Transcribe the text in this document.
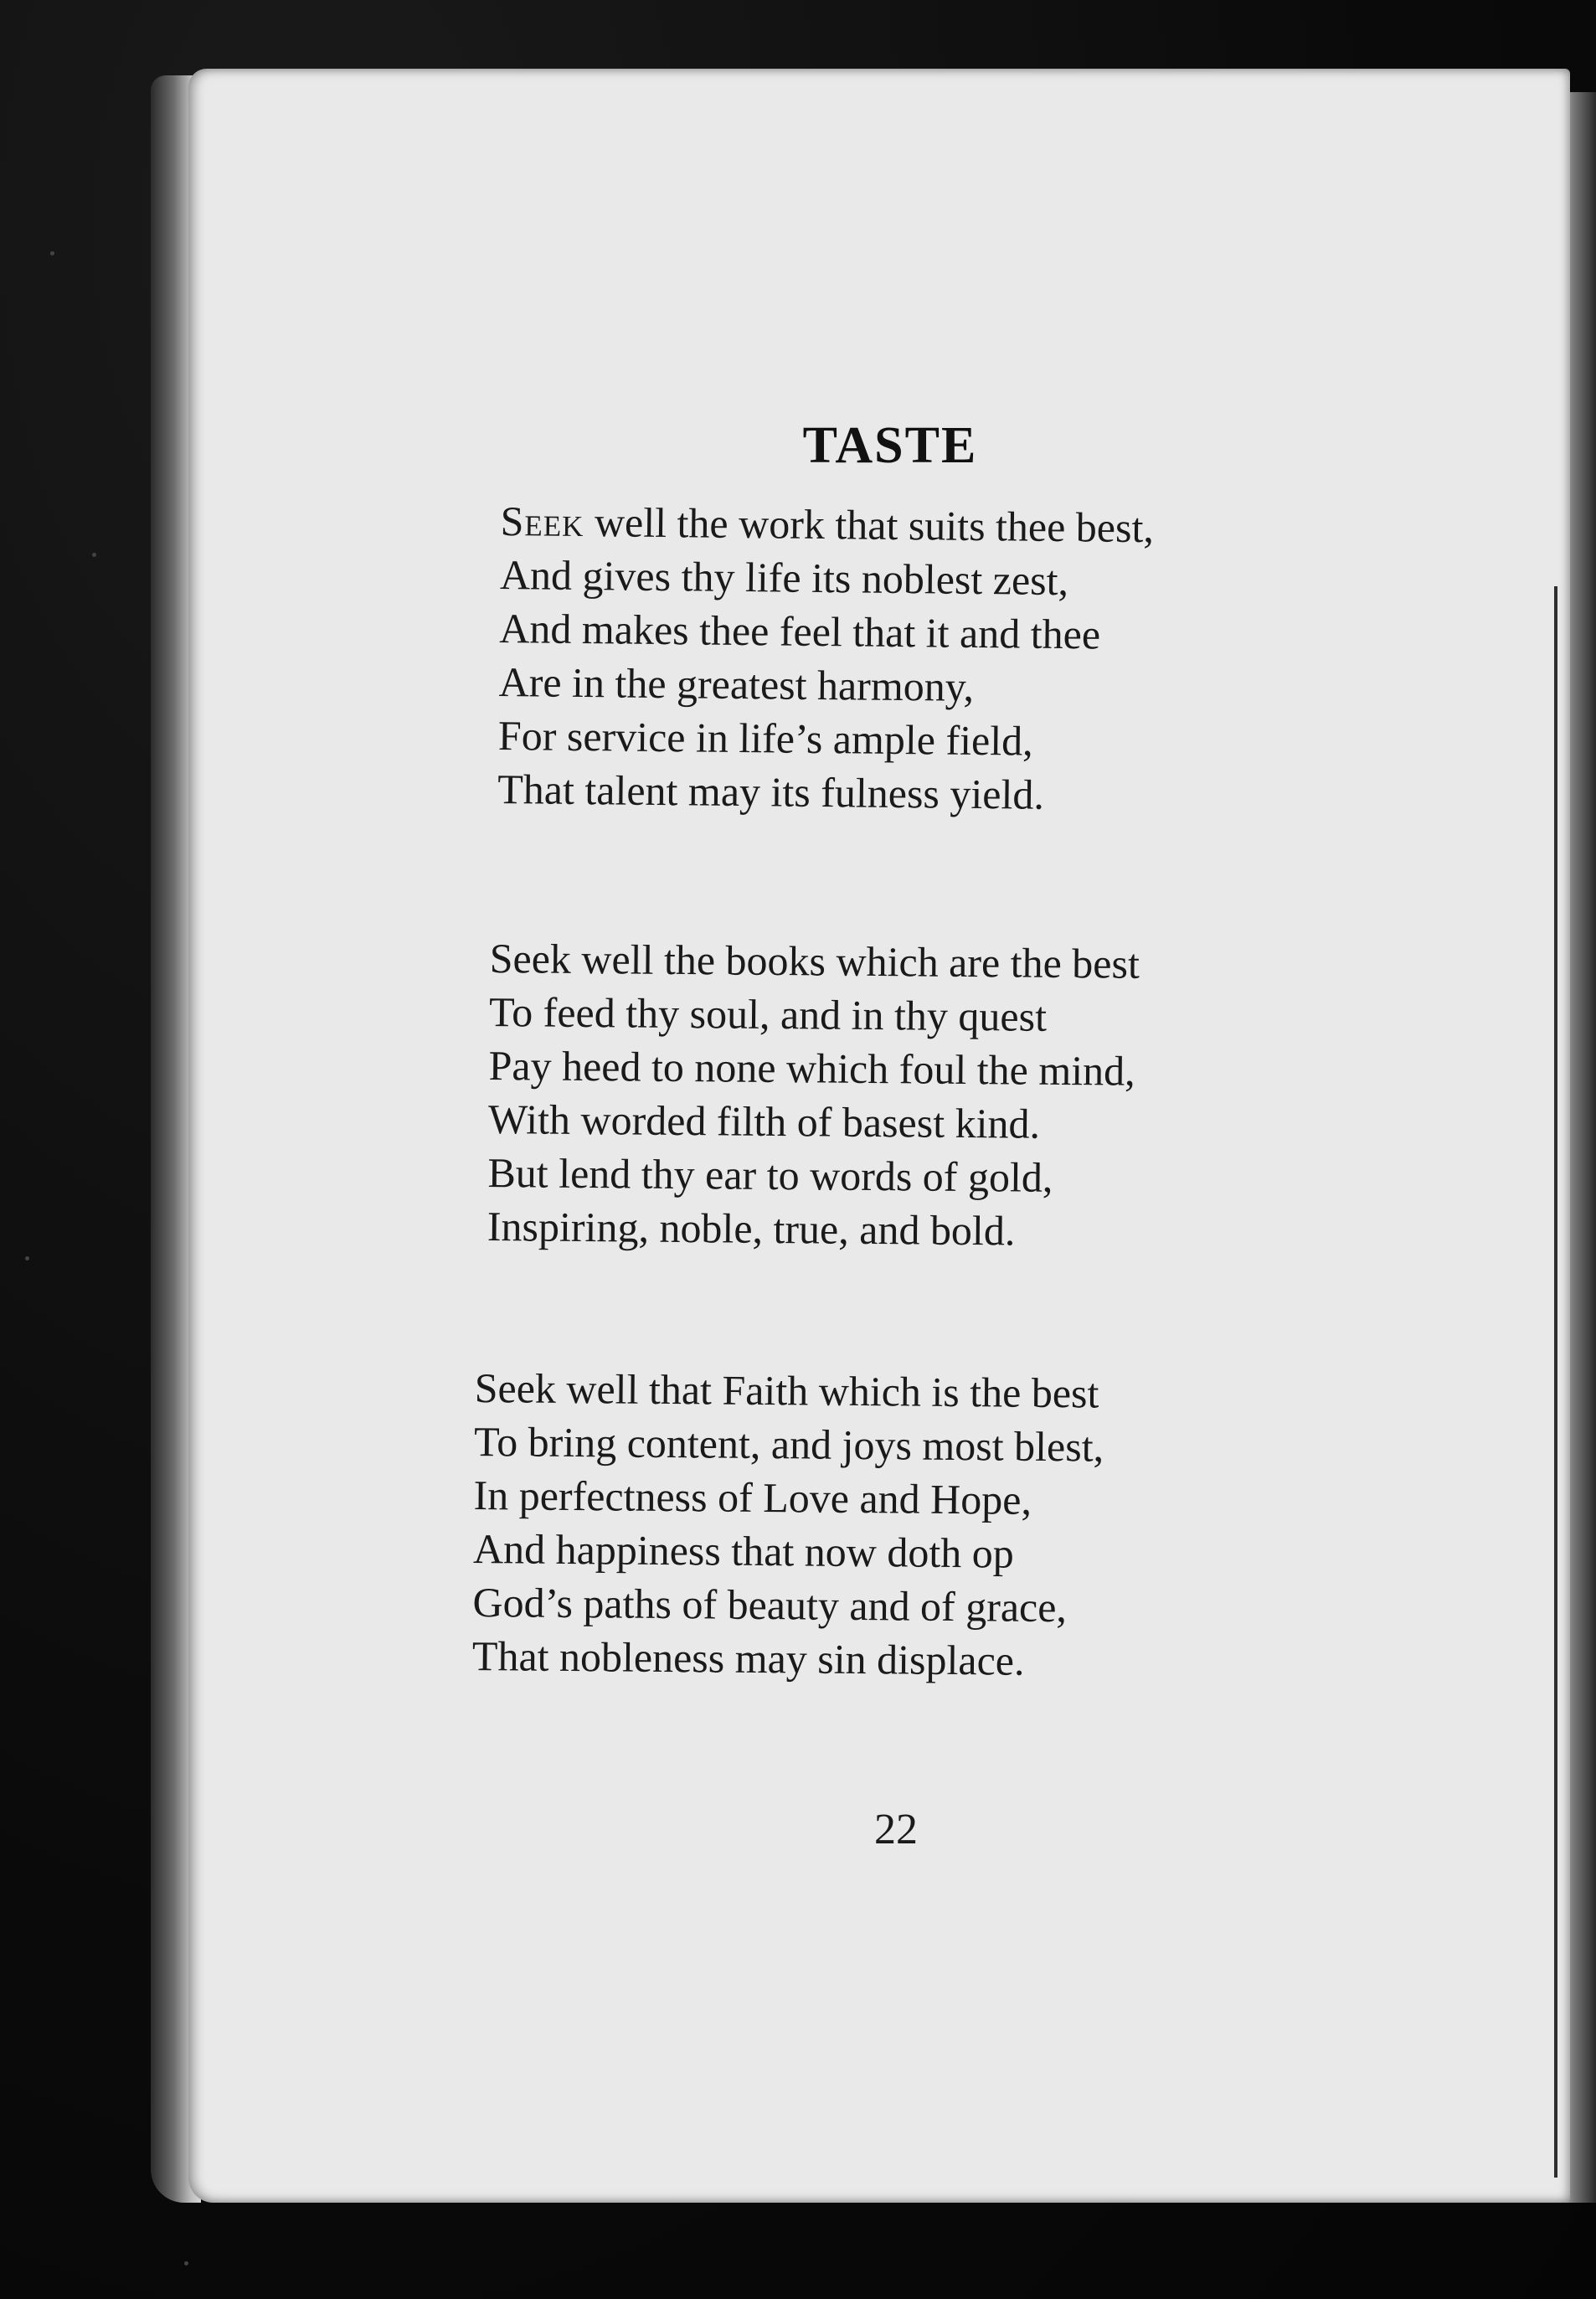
TASTE
Seek well the work that suits thee best,
And gives thy life its noblest zest,
And makes thee feel that it and thee
Are in the greatest harmony,
For service in life’s ample field,
That talent may its fulness yield.
Seek well the books which are the best
To feed thy soul, and in thy quest
Pay heed to none which foul the mind,
With worded filth of basest kind.
But lend thy ear to words of gold,
Inspiring, noble, true, and bold.
Seek well that Faith which is the best
To bring content, and joys most blest,
In perfectness of Love and Hope,
And happiness that now doth op
God’s paths of beauty and of grace,
That nobleness may sin displace.
22
